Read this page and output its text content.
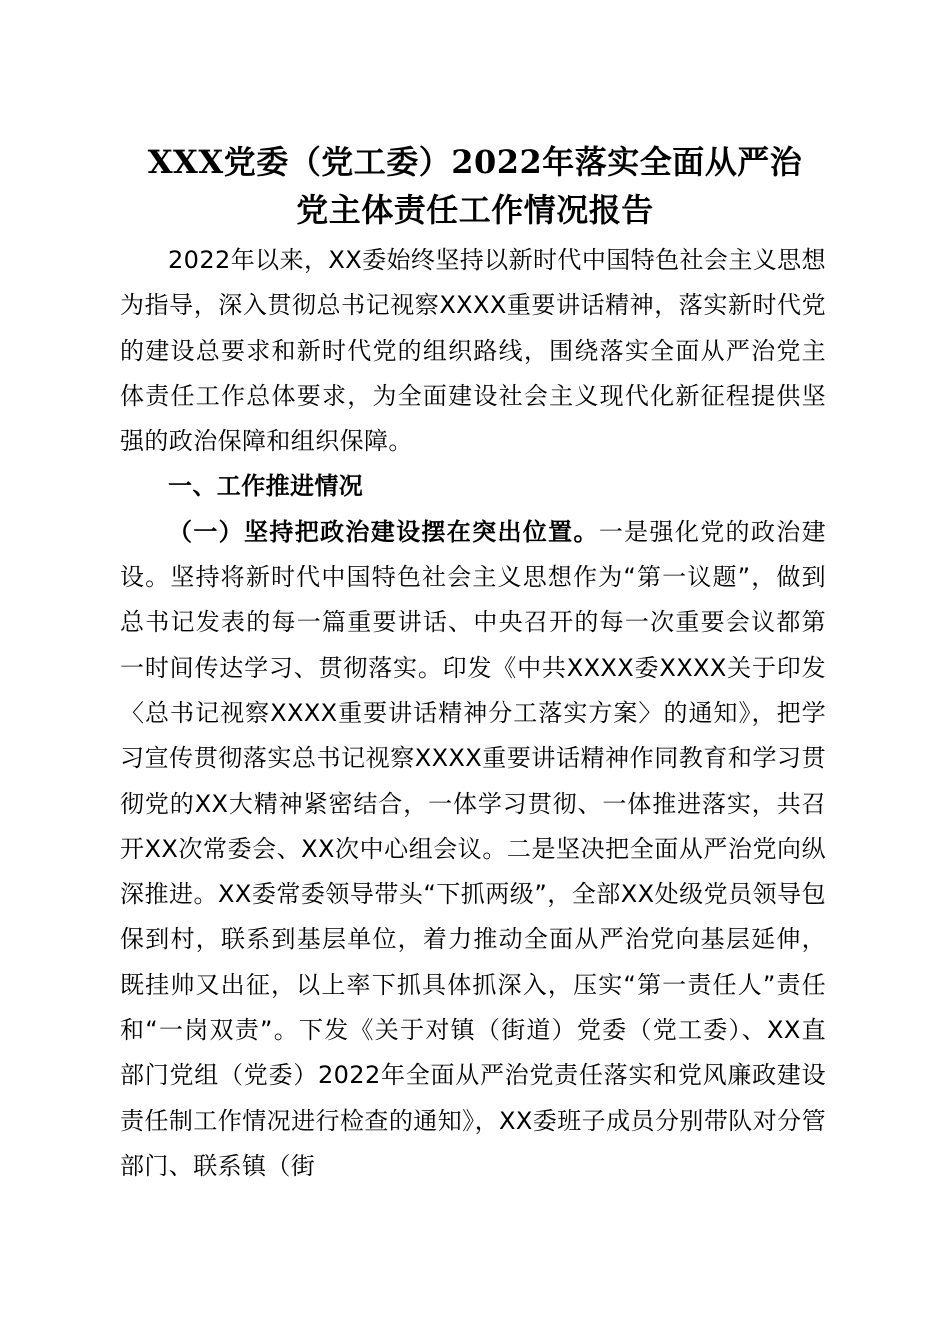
XXX党委（党工委）2022年落实全面从严治
党主体责任工作情况报告

2022年以来，XX委始终坚持以新时代中国特色社会主义思想为指导，深入贯彻总书记视察XXXX重要讲话精神，落实新时代党的建设总要求和新时代党的组织路线，围绕落实全面从严治党主体责任工作总体要求，为全面建设社会主义现代化新征程提供坚强的政治保障和组织保障。

一、工作推进情况

（一）坚持把政治建设摆在突出位置。一是强化党的政治建设。坚持将新时代中国特色社会主义思想作为“第一议题”，做到总书记发表的每一篇重要讲话、中央召开的每一次重要会议都第一时间传达学习、贯彻落实。印发《中共XXXX委XXXX关于印发〈总书记视察XXXX重要讲话精神分工落实方案〉的通知》，把学习宣传贯彻落实总书记视察XXXX重要讲话精神作同教育和学习贯彻党的XX大精神紧密结合，一体学习贯彻、一体推进落实，共召开XX次常委会、XX次中心组会议。二是坚决把全面从严治党向纵深推进。XX委常委领导带头“下抓两级”，全部XX处级党员领导包保到村，联系到基层单位，着力推动全面从严治党向基层延伸，既挂帅又出征，以上率下抓具体抓深入，压实“第一责任人”责任和“一岗双责”。下发《关于对镇（街道）党委（党工委）、XX直部门党组（党委）2022年全面从严治党责任落实和党风廉政建设责任制工作情况进行检查的通知》，XX委班子成员分别带队对分管部门、联系镇（街
